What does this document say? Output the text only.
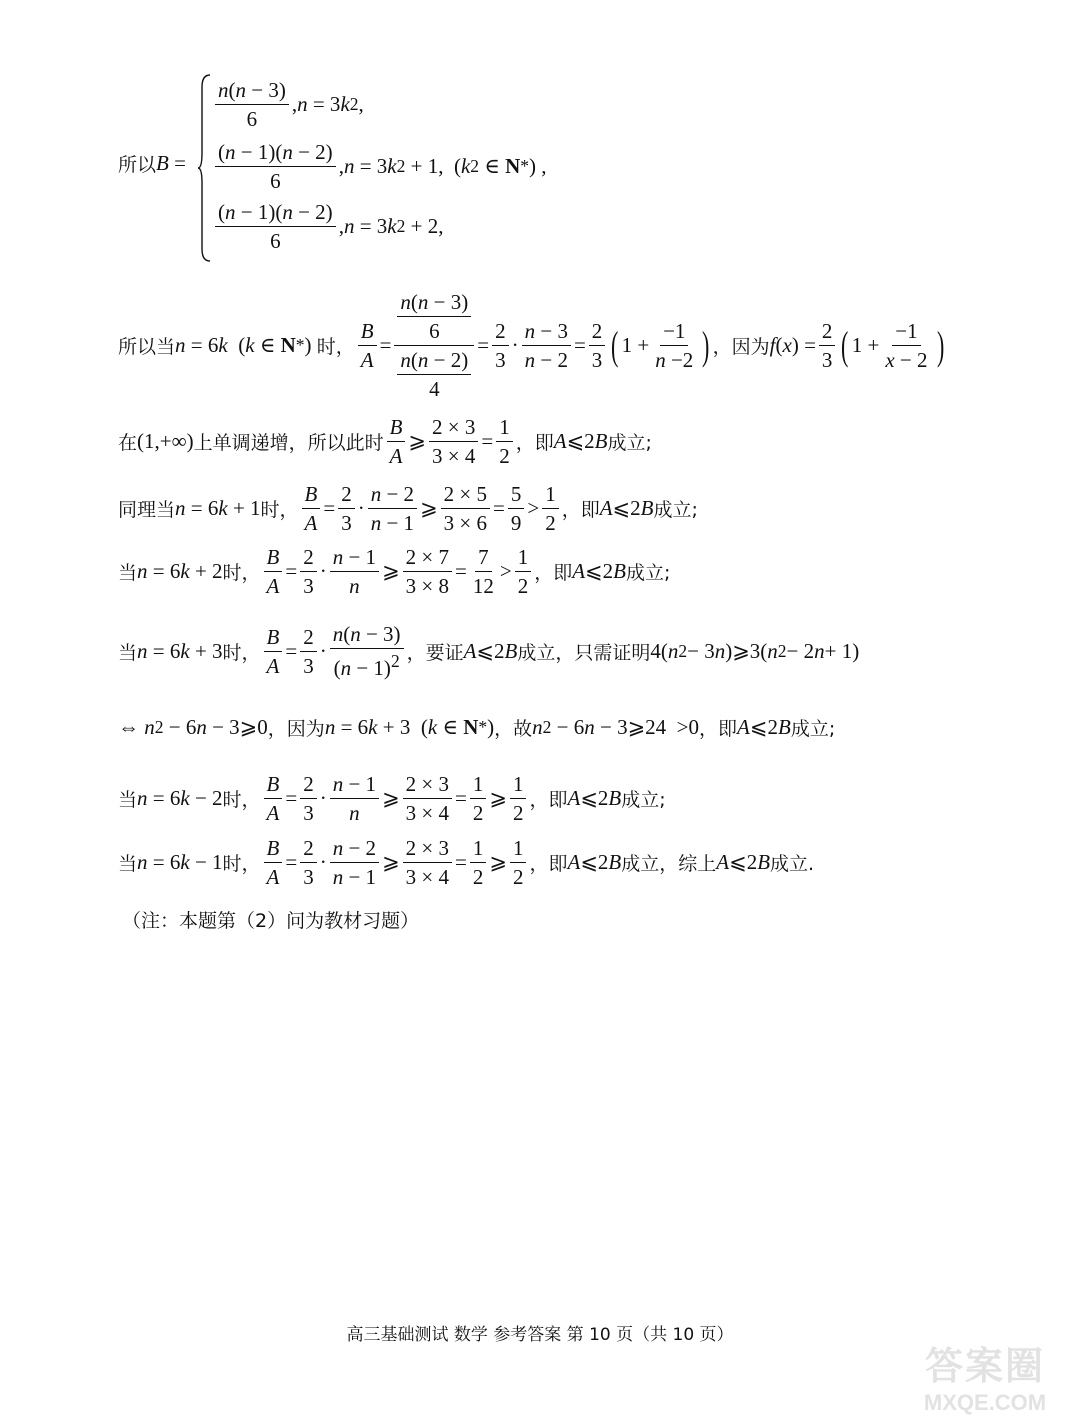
所以 B =
$\frac{n(n - 3)}{6}$ , n = 3 k 2 ,
$\frac{(n - 1)(n - 2)}{6}$ , n = 3 k 2 + 1,  ( k 2 ∈ N * ) ,
$\frac{(n - 1)(n - 2)}{6}$ , n = 3 k 2 + 2,
所以当 n = 6 k ( k ∈ N * ) 时， $\frac{B}{A} = \frac{\frac{n(n - 3)}{6}}{\frac{n(n - 2)}{4}} = \frac{2}{3} \cdot \frac{n - 3}{n - 2} = \frac{2}{3}$ ( $1 + \frac{-1}{n -2}$ ) ，因为 f ( x ) = $\frac{2}{3}$ ( $1 + \frac{-1}{x - 2}$ )
在 (1,+∞) 上单调递增，所以此时 $\frac{B}{A}$ ⩾ $\frac{2 \times 3}{3 \times 4} = \frac{1}{2}$ ，即 A ⩽2 B 成立;
同理当 n = 6 k + 1 时， $\frac{B}{A} = \frac{2}{3} \cdot \frac{n - 2}{n - 1}$ ⩾ $\frac{2 \times 5}{3 \times 6} = \frac{5}{9} > \frac{1}{2}$ ，即 A ⩽2 B 成立;
当 n = 6 k + 2 时， $\frac{B}{A} = \frac{2}{3} \cdot \frac{n - 1}{n}$ ⩾ $\frac{2 \times 7}{3 \times 8} = \frac{7}{12} > \frac{1}{2}$ ，即 A ⩽2 B 成立;
当 n = 6 k + 3 时， $\frac{B}{A} = \frac{2}{3} \cdot \frac{n(n - 3)}{(n - 1)^2}$ ，要证 A ⩽2 B 成立，只需证明 4( n 2 − 3 n )⩾3( n 2 − 2 n + 1)
⇔ n 2 − 6 n − 3⩾0 ，因为 n = 6 k + 3  ( k ∈ N * ) ，故 n 2 − 6 n − 3⩾24  >0 ，即 A ⩽2 B 成立;
当 n = 6 k − 2 时， $\frac{B}{A} = \frac{2}{3} \cdot \frac{n - 1}{n}$ ⩾ $\frac{2 \times 3}{3 \times 4} = \frac{1}{2}$ ⩾ $\frac{1}{2}$ ，即 A ⩽2 B 成立;
当 n = 6 k − 1 时， $\frac{B}{A} = \frac{2}{3} \cdot \frac{n - 2}{n - 1}$ ⩾ $\frac{2 \times 3}{3 \times 4} = \frac{1}{2}$ ⩾ $\frac{1}{2}$ ，即 A ⩽2 B 成立，综上 A ⩽2 B 成立.
（注：本题第（2）问为教材习题）
高三基础测试 数学 参考答案 第 10 页（共 10 页）
答案圈
MXQE.COM
